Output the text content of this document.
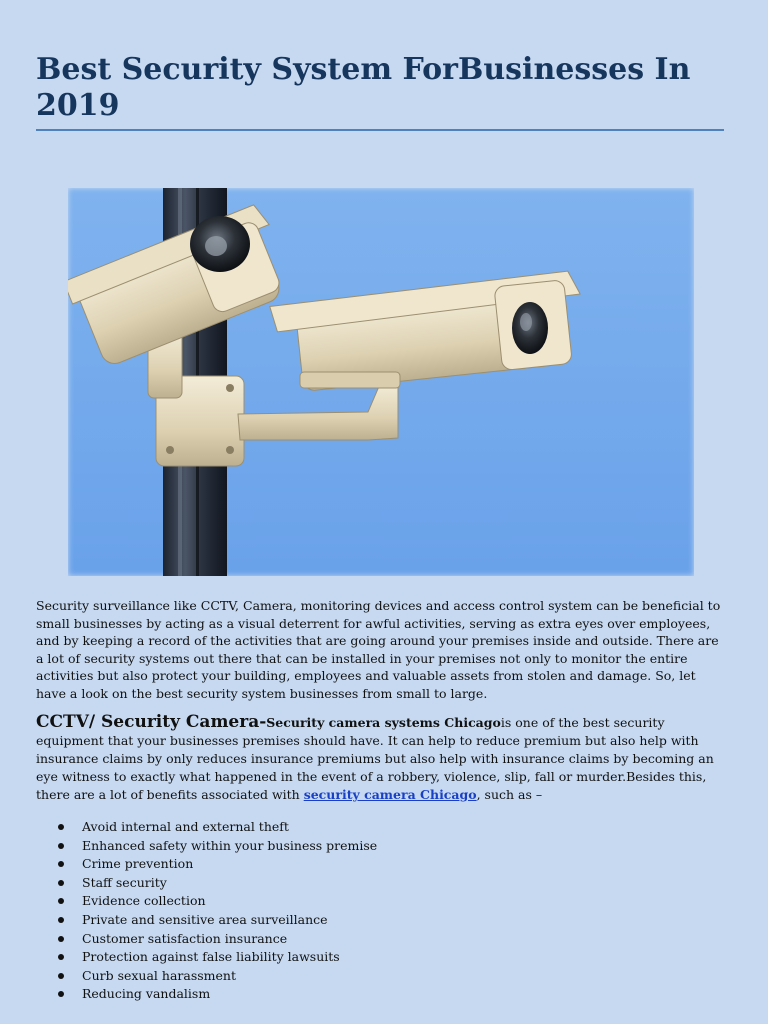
Best Security System ForBusinesses In 2019

Security surveillance like CCTV, Camera, monitoring devices and access control system can be beneficial to small businesses by acting as a visual deterrent for awful activities, serving as extra eyes over employees, and by keeping a record of the activities that are going around your premises inside and outside. There are a lot of security systems out there that can be installed in your premises not only to monitor the entire activities but also protect your building, employees and valuable assets from stolen and damage. So, let have a look on the best security system businesses from small to large.

CCTV/ Security Camera-Security camera systems Chicagois one of the best security equipment that your businesses premises should have. It can help to reduce premium but also help with insurance claims by only reduces insurance premiums but also help with insurance claims by becoming an eye witness to exactly what happened in the event of a robbery, violence, slip, fall or murder.Besides this, there are a lot of benefits associated with security camera Chicago, such as –

Avoid internal and external theft
Enhanced safety within your business premise
Crime prevention
Staff security
Evidence collection
Private and sensitive area surveillance
Customer satisfaction insurance
Protection against false liability lawsuits
Curb sexual harassment
Reducing vandalism
